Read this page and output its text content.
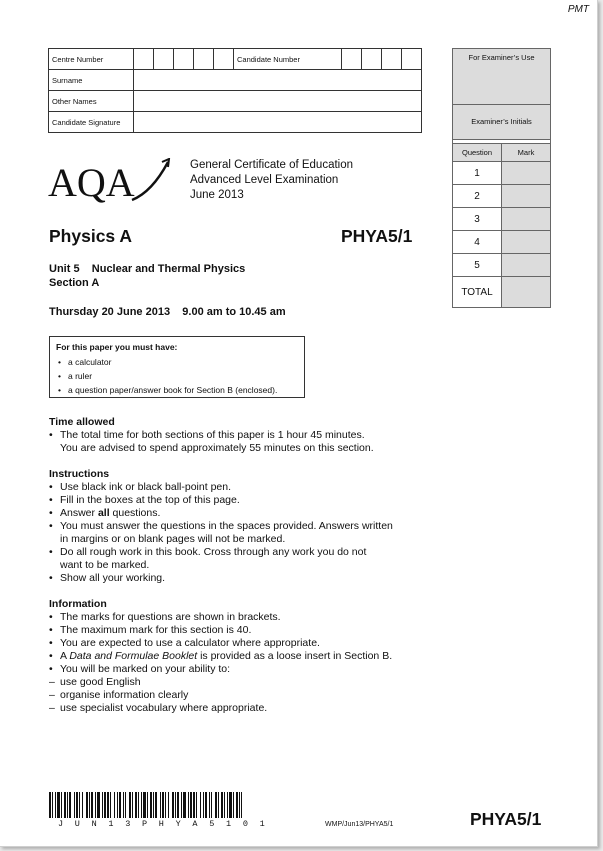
PMT
Centre Number						Candidate Number				
Surname										
Other Names										
Candidate Signature										
AQA	General Certificate of Education
Advanced Level Examination
June 2013
Physics A	PHYA5/1
Unit 5    Nuclear and Thermal Physics
Section A
Thursday 20 June 2013    9.00 am to 10.45 am
For this paper you must have:
• a calculator
• a ruler
• a question paper/answer book for Section B (enclosed).
Time allowed
• The total time for both sections of this paper is 1 hour 45 minutes.
You are advised to spend approximately 55 minutes on this section.
Instructions
• Use black ink or black ball-point pen.
• Fill in the boxes at the top of this page.
• Answer all questions.
• You must answer the questions in the spaces provided. Answers written
in margins or on blank pages will not be marked.
• Do all rough work in this book. Cross through any work you do not
want to be marked.
• Show all your working.
Information
• The marks for questions are shown in brackets.
• The maximum mark for this section is 40.
• You are expected to use a calculator where appropriate.
• A Data and Formulae Booklet is provided as a loose insert in Section B.
• You will be marked on your ability to:
– use good English
– organise information clearly
– use specialist vocabulary where appropriate.
For Examiner’s Use
Examiner’s Initials
Question	Mark
1	
2	
3	
4	
5	
TOTAL	
J U N 1 3 P H Y A 5 1 0 1	WMP/Jun13/PHYA5/1	PHYA5/1
